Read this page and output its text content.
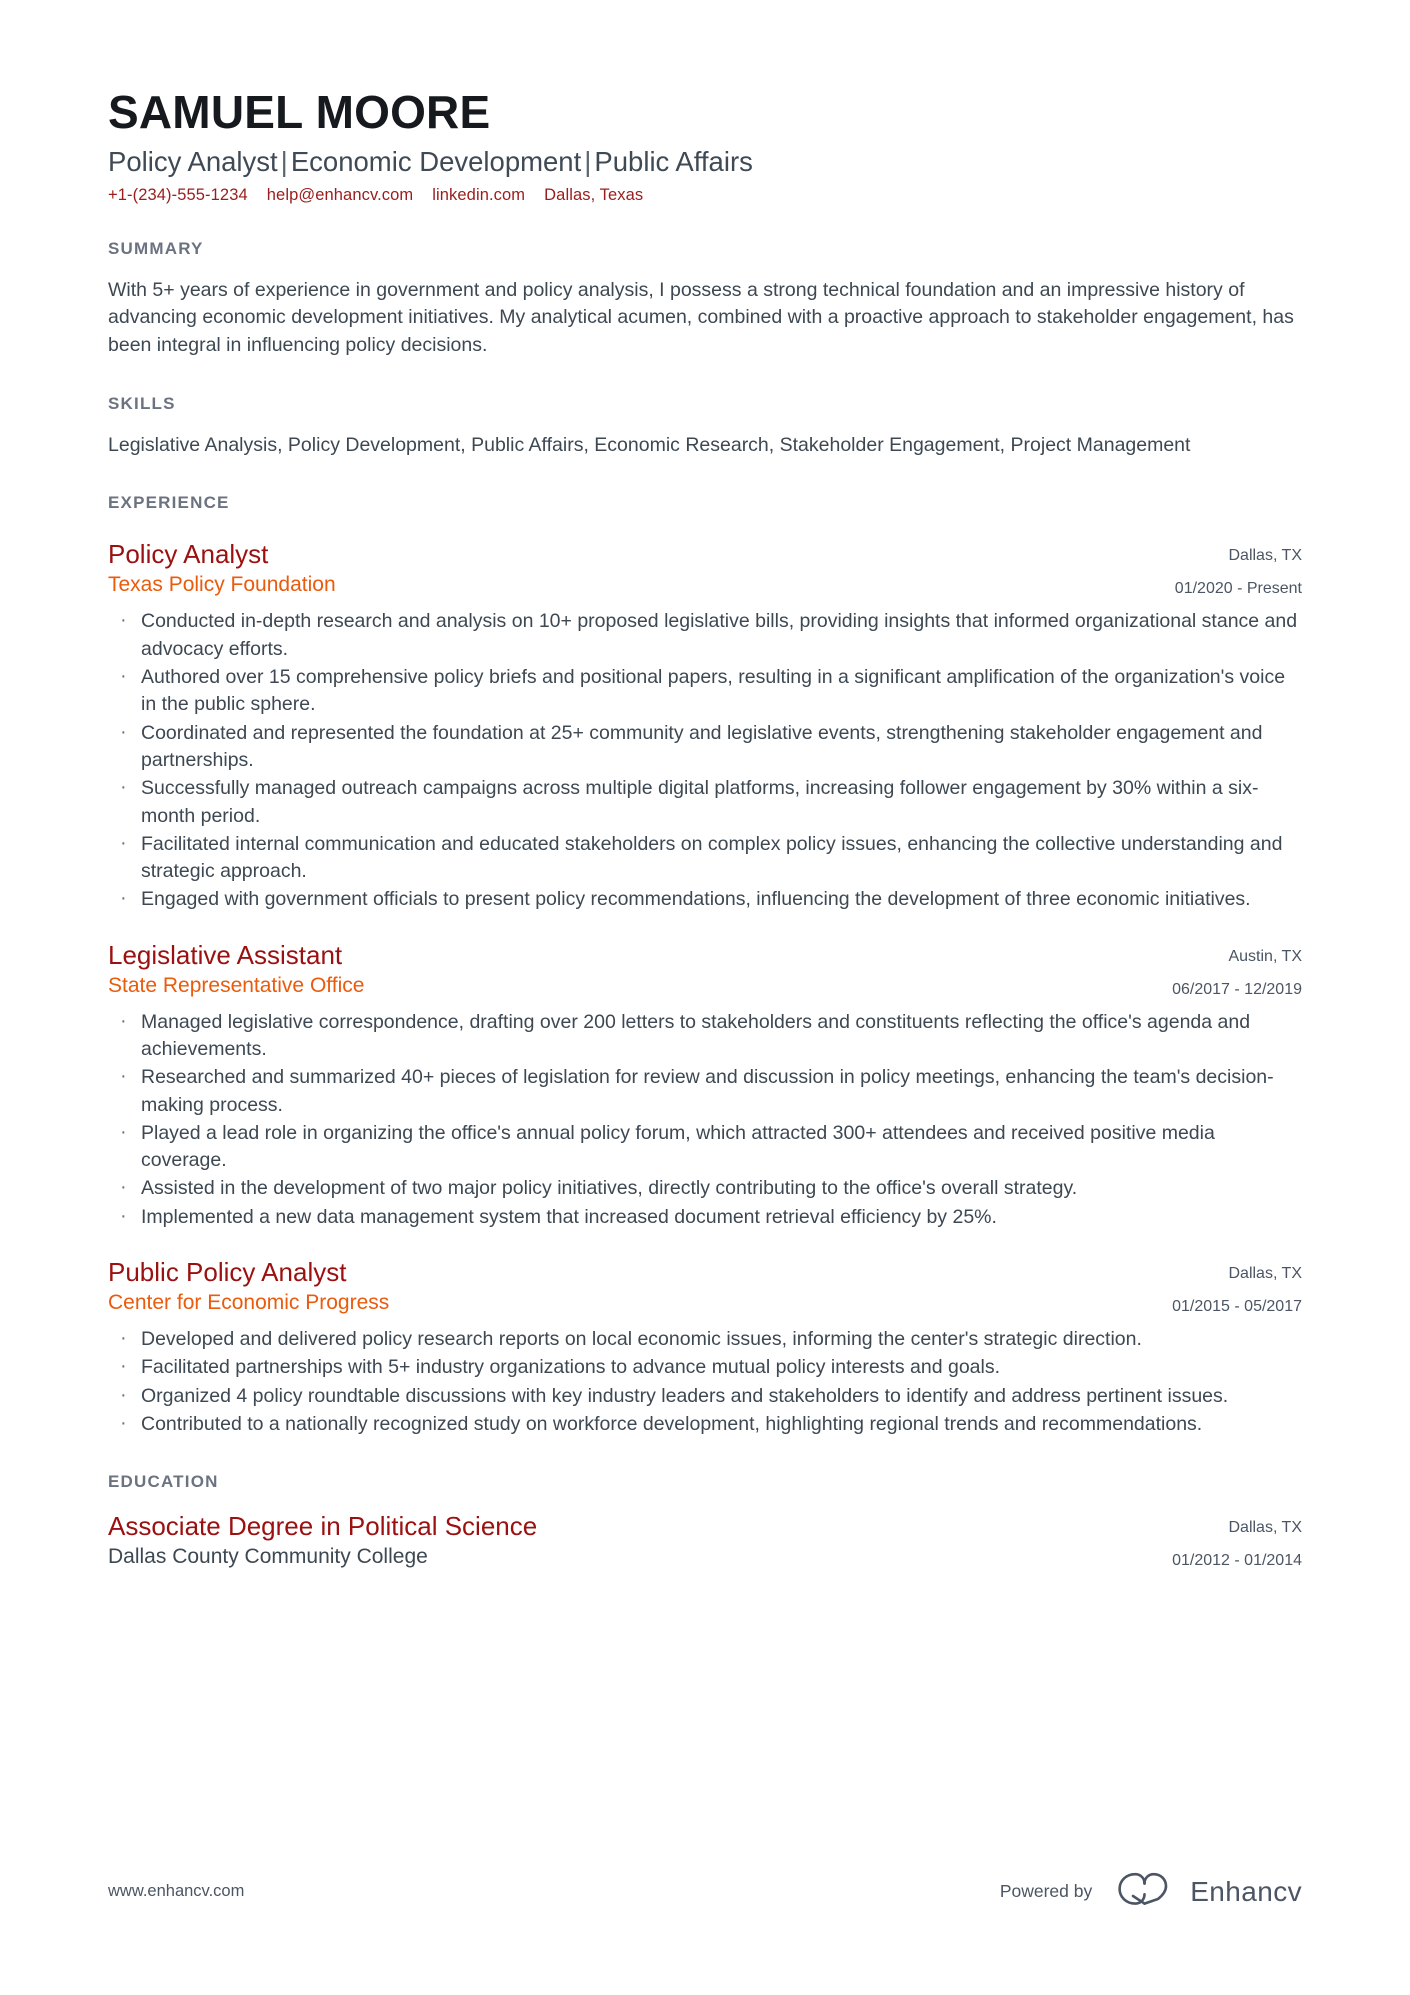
SAMUEL MOORE
Policy Analyst | Economic Development | Public Affairs
+1-(234)-555-1234 help@enhancv.com linkedin.com Dallas, Texas
SUMMARY

With 5+ years of experience in government and policy analysis, I possess a strong technical foundation and an impressive history of advancing economic development initiatives. My analytical acumen, combined with a proactive approach to stakeholder engagement, has been integral in influencing policy decisions.

SKILLS

Legislative Analysis, Policy Development, Public Affairs, Economic Research, Stakeholder Engagement, Project Management

EXPERIENCE
Policy Analyst
Texas Policy Foundation
Dallas, TX
01/2020 - Present
· Conducted in-depth research and analysis on 10+ proposed legislative bills, providing insights that informed organizational stance and advocacy efforts.
· Authored over 15 comprehensive policy briefs and positional papers, resulting in a significant amplification of the organization's voice in the public sphere.
· Coordinated and represented the foundation at 25+ community and legislative events, strengthening stakeholder engagement and partnerships.
· Successfully managed outreach campaigns across multiple digital platforms, increasing follower engagement by 30% within a six-month period.
· Facilitated internal communication and educated stakeholders on complex policy issues, enhancing the collective understanding and strategic approach.
· Engaged with government officials to present policy recommendations, influencing the development of three economic initiatives.
Legislative Assistant
State Representative Office
Austin, TX
06/2017 - 12/2019
· Managed legislative correspondence, drafting over 200 letters to stakeholders and constituents reflecting the office's agenda and achievements.
· Researched and summarized 40+ pieces of legislation for review and discussion in policy meetings, enhancing the team's decision-making process.
· Played a lead role in organizing the office's annual policy forum, which attracted 300+ attendees and received positive media coverage.
· Assisted in the development of two major policy initiatives, directly contributing to the office's overall strategy.
· Implemented a new data management system that increased document retrieval efficiency by 25%.
Public Policy Analyst
Center for Economic Progress
Dallas, TX
01/2015 - 05/2017
· Developed and delivered policy research reports on local economic issues, informing the center's strategic direction.
· Facilitated partnerships with 5+ industry organizations to advance mutual policy interests and goals.
· Organized 4 policy roundtable discussions with key industry leaders and stakeholders to identify and address pertinent issues.
· Contributed to a nationally recognized study on workforce development, highlighting regional trends and recommendations.
EDUCATION
Associate Degree in Political Science
Dallas County Community College
Dallas, TX
01/2012 - 01/2014
www.enhancv.com	Powered by	Enhancv
